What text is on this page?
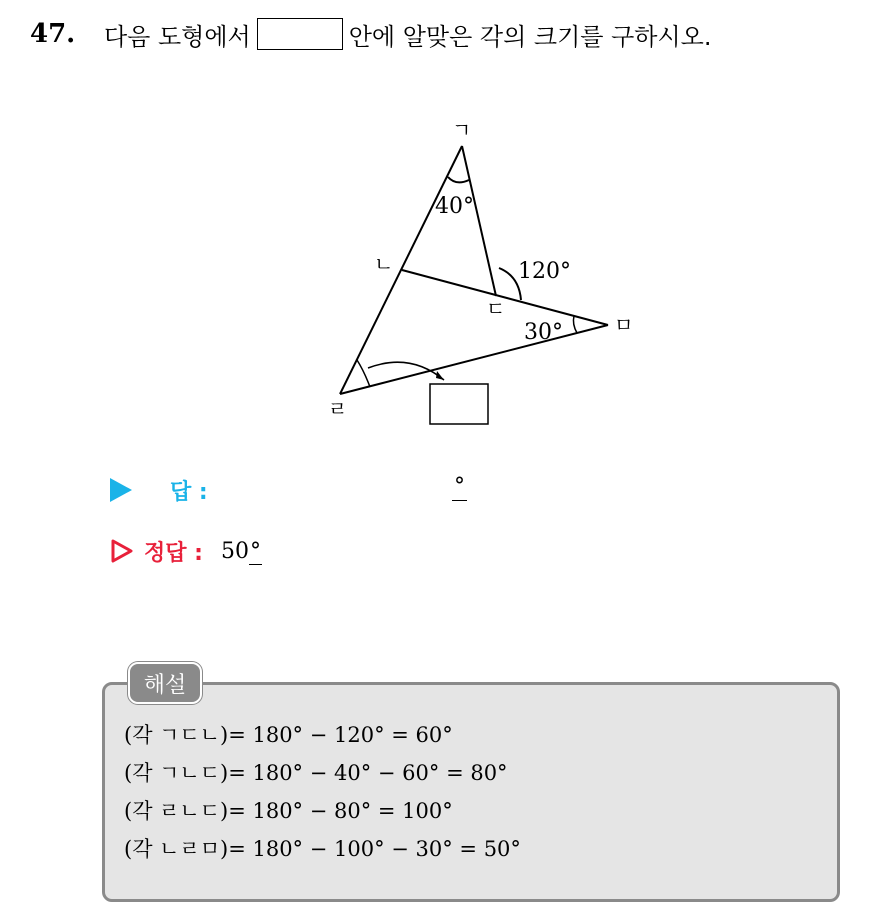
47.	다음 도형에서	안에 알맞은 각의 크기를 구하시오.
ㄱ
ㄴ
ㄷ
ㄹ
ㅁ
40°
120°
30°
답 :	°
정답 : 50°
해설
(각 ㄱㄷㄴ)= 180° − 120° = 60°
(각 ㄱㄴㄷ)= 180° − 40° − 60° = 80°
(각 ㄹㄴㄷ)= 180° − 80° = 100°
(각 ㄴㄹㅁ)= 180° − 100° − 30° = 50°
